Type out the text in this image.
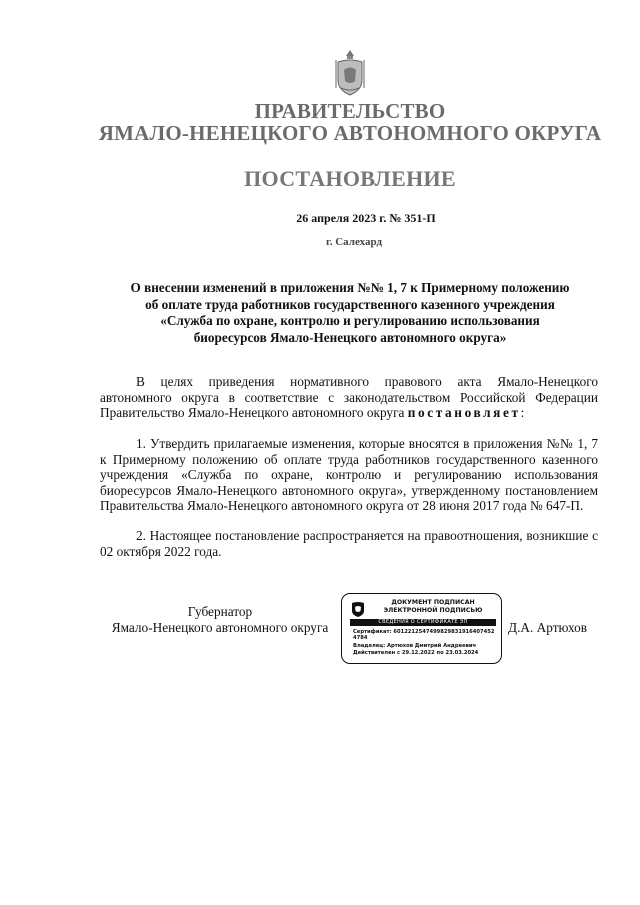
ПРАВИТЕЛЬСТВО
ЯМАЛО-НЕНЕЦКОГО АВТОНОМНОГО ОКРУГА
ПОСТАНОВЛЕНИЕ
26 апреля 2023 г. № 351-П
г. Салехард
О внесении изменений в приложения №№ 1, 7 к Примерному положению
об оплате труда работников государственного казенного учреждения
«Служба по охране, контролю и регулированию использования
биоресурсов Ямало-Ненецкого автономного округа»
В целях приведения нормативного правового акта Ямало-Ненецкого автономного округа в соответствие с законодательством Российской Федерации Правительство Ямало-Ненецкого автономного округа постановляет:
1. Утвердить прилагаемые изменения, которые вносятся в приложения №№ 1, 7 к Примерному положению об оплате труда работников государственного казенного учреждения «Служба по охране, контролю и регулированию использования биоресурсов Ямало-Ненецкого автономного округа», утвержденному постановлением Правительства Ямало-Ненецкого автономного округа от 28 июня 2017 года № 647-П.
2. Настоящее постановление распространяется на правоотношения, возникшие с 02 октября 2022 года.
Губернатор
Ямало-Ненецкого автономного округа
ДОКУМЕНТ ПОДПИСАН
ЭЛЕКТРОННОЙ ПОДПИСЬЮ
СВЕДЕНИЯ О СЕРТИФИКАТЕ ЭП
Сертификат: 6012212547499829831916407452
4784
Владелец: Артюхов Дмитрий Андреевич
Действителен с 29.12.2022 по 23.03.2024
Д.А. Артюхов
